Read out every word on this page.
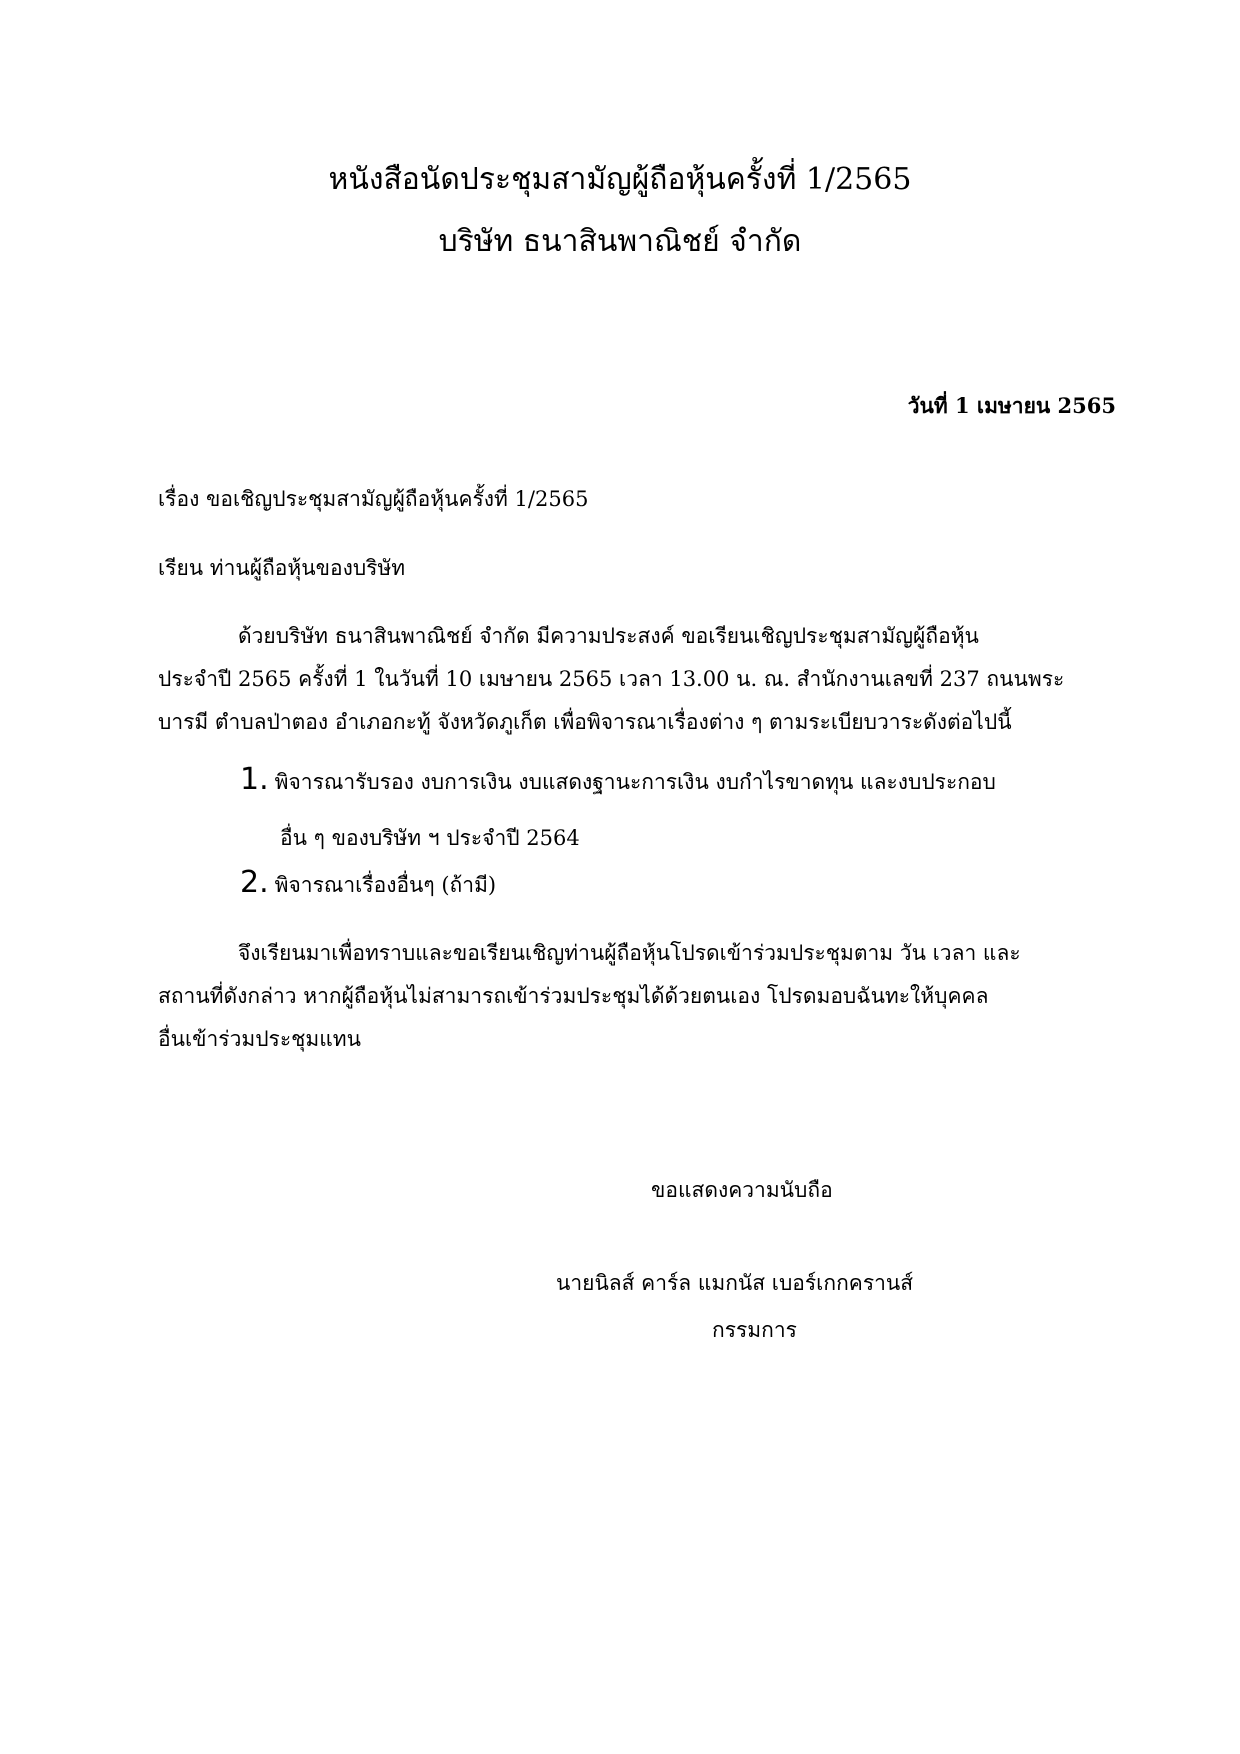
หนังสือนัดประชุมสามัญผู้ถือหุ้นครั้งที่ 1/2565
บริษัท ธนาสินพาณิชย์ จำกัด
วันที่ 1 เมษายน 2565
เรื่อง ขอเชิญประชุมสามัญผู้ถือหุ้นครั้งที่ 1/2565
เรียน ท่านผู้ถือหุ้นของบริษัท
ด้วยบริษัท ธนาสินพาณิชย์ จำกัด มีความประสงค์ ขอเรียนเชิญประชุมสามัญผู้ถือหุ้น
ประจำปี 2565 ครั้งที่ 1 ในวันที่ 10 เมษายน 2565 เวลา 13.00 น. ณ. สำนักงานเลขที่ 237 ถนนพระ
บารมี ตำบลป่าตอง อำเภอกะทู้ จังหวัดภูเก็ต เพื่อพิจารณาเรื่องต่าง ๆ ตามระเบียบวาระดังต่อไปนี้
1. พิจารณารับรอง งบการเงิน งบแสดงฐานะการเงิน งบกำไรขาดทุน และงบประกอบ
อื่น ๆ ของบริษัท ฯ ประจำปี 2564
2. พิจารณาเรื่องอื่นๆ (ถ้ามี)
จึงเรียนมาเพื่อทราบและขอเรียนเชิญท่านผู้ถือหุ้นโปรดเข้าร่วมประชุมตาม วัน เวลา และ
สถานที่ดังกล่าว หากผู้ถือหุ้นไม่สามารถเข้าร่วมประชุมได้ด้วยตนเอง โปรดมอบฉันทะให้บุคคล
อื่นเข้าร่วมประชุมแทน
ขอแสดงความนับถือ
นายนิลส์ คาร์ล แมกนัส เบอร์เกกครานส์
กรรมการ
